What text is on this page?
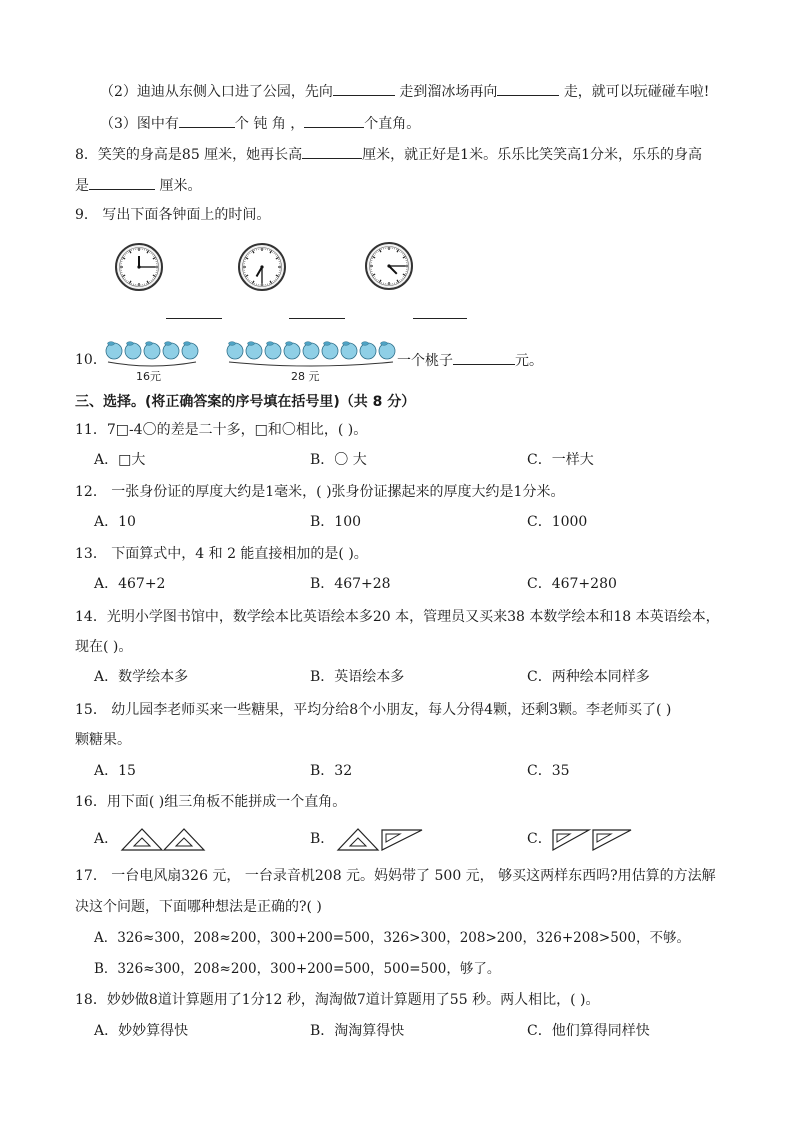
（2）迪迪从东侧入口进了公园，先向	走到溜冰场再向	走，就可以玩碰碰车啦!
（3）图中有	个 钝 角 ，	个直角。
8．笑笑的身高是85 厘米，她再长高	厘米，就正好是1米。乐乐比笑笑高1分米，乐乐的身高
是	厘米。
9． 写出下面各钟面上的时间。
10．
16元	28 元
一个桃子	元。
三、选择。(将正确答案的序号填在括号里)（共 8 分）
11．7□-4〇的差是二十多，□和〇相比，( )。
A．□大	B．〇 大	C．一样大
12． 一张身份证的厚度大约是1毫米，( )张身份证摞起来的厚度大约是1分米。
A．10	B．100	C．1000
13． 下面算式中，4 和 2 能直接相加的是( )。
A．467+2	B．467+28	C．467+280
14．光明小学图书馆中，数学绘本比英语绘本多20 本，管理员又买来38 本数学绘本和18 本英语绘本，
现在( )。
A．数学绘本多	B．英语绘本多	C．两种绘本同样多
15． 幼儿园李老师买来一些糖果，平均分给8个小朋友，每人分得4颗，还剩3颗。李老师买了( )
颗糖果。
A．15	B．32	C．35
16．用下面( )组三角板不能拼成一个直角。
A．	B．	C．
17． 一台电风扇326 元， 一台录音机208 元。妈妈带了 500 元， 够买这两样东西吗?用估算的方法解
决这个问题，下面哪种想法是正确的?( )
A．326≈300，208≈200，300+200=500，326>300，208>200，326+208>500，不够。
B．326≈300，208≈200，300+200=500，500=500，够了。
18．妙妙做8道计算题用了1分12 秒，淘淘做7道计算题用了55 秒。两人相比，( )。
A．妙妙算得快	B．淘淘算得快	C．他们算得同样快
